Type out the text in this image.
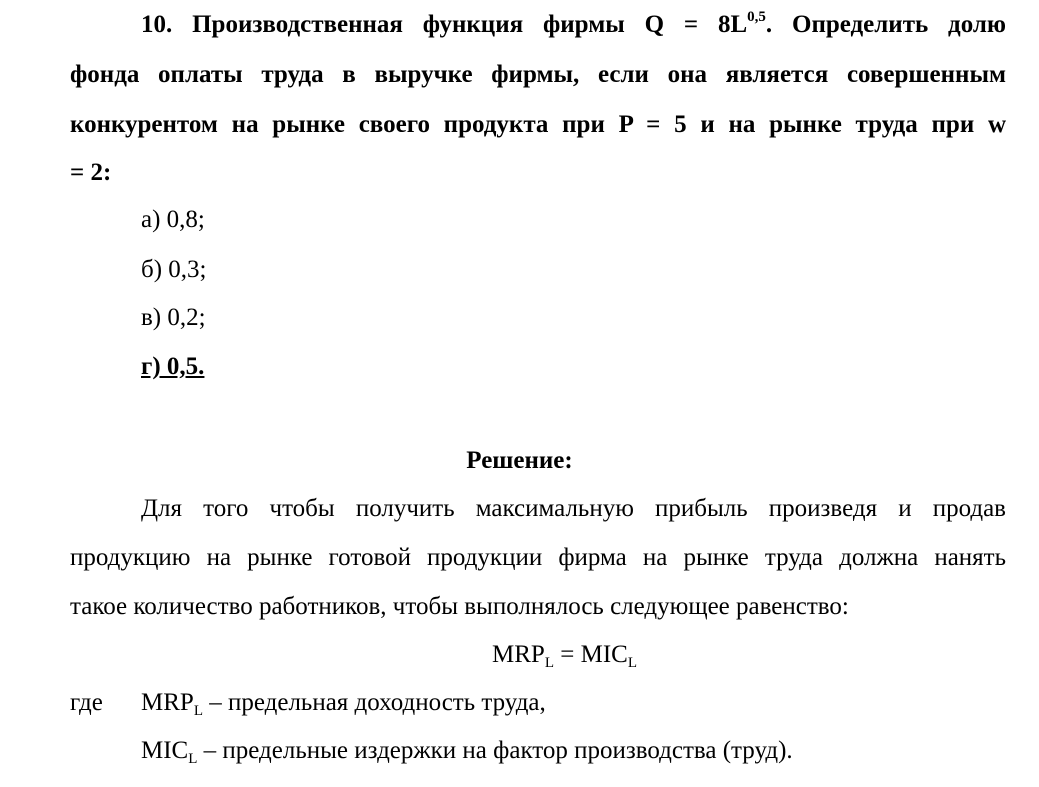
10. Производственная функция фирмы $Q = 8L^{0,5}$. Определить долю
фонда оплаты труда в выручке фирмы, если она является совершенным
конкурентом на рынке своего продукта при P = 5 и на рынке труда при w
= 2:
а) 0,8;
б) 0,3;
в) 0,2;
г) 0,5.
Решение:
Для того чтобы получить максимальную прибыль произведя и продав
продукцию на рынке готовой продукции фирма на рынке труда должна нанять
такое количество работников, чтобы выполнялось следующее равенство:
$MRP_L = MIC_L$
где $MRP_L$ – предельная доходность труда,
$MIC_L$ – предельные издержки на фактор производства (труд).
